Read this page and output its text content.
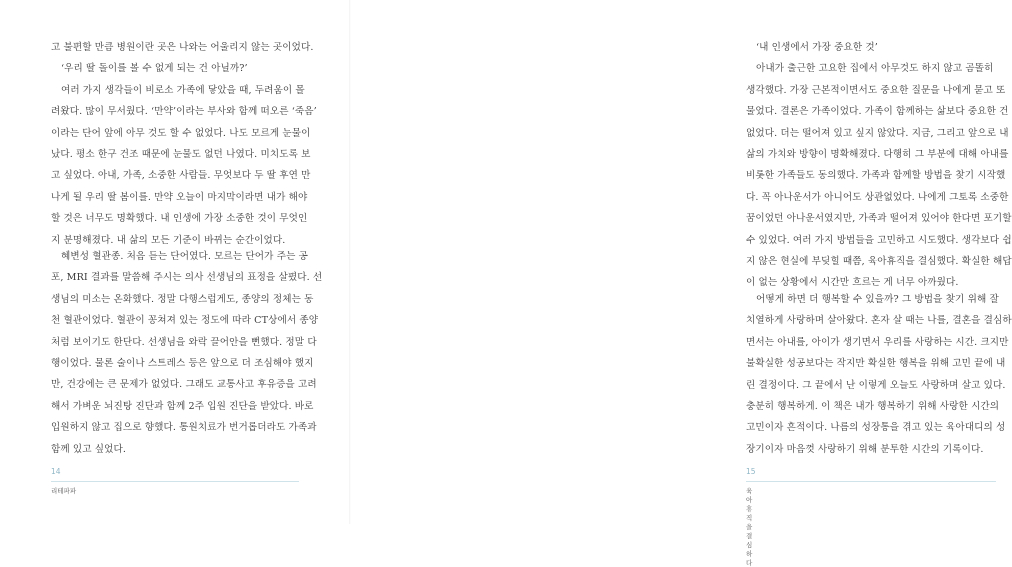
고 불편할 만큼 병원이란 곳은 나와는 어울리지 않는 곳이었다.
‘우리 딸 돌이를 볼 수 없게 되는 건 아닐까?’
여러 가지 생각들이 비로소 가족에 닿았을 때, 두려움이 몰
려왔다. 많이 무서웠다. ‘만약’이라는 부사와 함께 떠오른 ‘죽음’
이라는 단어 앞에 아무 것도 할 수 없었다. 나도 모르게 눈물이
났다. 평소 한구 건조 때문에 눈물도 없던 나였다. 미치도록 보
고 싶었다. 아내, 가족, 소중한 사람들. 무엇보다 두 딸 후연 만
나게 될 우리 딸 봄이를. 만약 오늘이 마지막이라면 내가 해야
할 것은 너무도 명확했다. 내 인생에 가장 소중한 것이 무엇인
지 분명해졌다. 내 삶의 모든 기준이 바뀌는 순간이었다.
혜변성 혈관종. 처음 듣는 단어였다. 모르는 단어가 주는 공
포, MRI 결과를 말씀해 주시는 의사 선생님의 표정을 살폈다. 선
생님의 미소는 온화했다. 정말 다행스럽게도, 종양의 정체는 동
천 혈관이었다. 혈관이 꽁쳐져 있는 정도에 따라 CT상에서 종양
처럼 보이기도 한단다. 선생님을 와락 끌어안을 뻔했다. 정말 다
행이었다. 물론 술이나 스트레스 등은 앞으로 더 조심해야 했지
만, 건강에는 큰 문제가 없었다. 그래도 교통사고 후유증을 고려
해서 가벼운 뇌진탕 진단과 함께 2주 입원 진단을 받았다. 바로
입원하지 않고 집으로 향했다. 통원치료가 번거롭더라도 가족과
함께 있고 싶었다.
14
리테파파
‘내 인생에서 가장 중요한 것’
아내가 출근한 고요한 집에서 아무것도 하지 않고 곰똘히
생각했다. 가장 근본적이면서도 중요한 질문을 나에게 묻고 또
물었다. 결론은 가족이었다. 가족이 함께하는 삶보다 중요한 건
없었다. 더는 떨어져 있고 싶지 않았다. 지금, 그리고 앞으로 내
삶의 가치와 방향이 명확해졌다. 다행히 그 부분에 대해 아내를
비롯한 가족들도 동의했다. 가족과 함께할 방법을 찾기 시작했
다. 꼭 아나운서가 아니어도 상관없었다. 나에게 그토록 소중한
꿈이었던 아나운서였지만, 가족과 떨어져 있어야 한다면 포기할
수 있었다. 여러 가지 방법들을 고민하고 시도했다. 생각보다 쉽
지 않은 현실에 부딪힐 때쯤, 육아휴직을 결심했다. 확실한 해답
이 없는 상황에서 시간만 흐르는 게 너무 아까웠다.
어떻게 하면 더 행복할 수 있을까? 그 방법을 찾기 위해 잘
치열하게 사랑하며 살아왔다. 혼자 살 때는 나를, 결혼을 결심하
면서는 아내를, 아이가 생기면서 우리를 사랑하는 시간. 크지만
불확실한 성공보다는 작지만 확실한 행복을 위해 고민 끝에 내
린 결정이다. 그 끝에서 난 이렇게 오늘도 사랑하며 살고 있다.
충분히 행복하게. 이 책은 내가 행복하기 위해 사랑한 시간의
고민이자 흔적이다. 나름의 성장통을 겪고 있는 육아대디의 성
장기이자 마음껏 사랑하기 위해 분투한 시간의 기록이다.
15
육아휴직을 결심하다
